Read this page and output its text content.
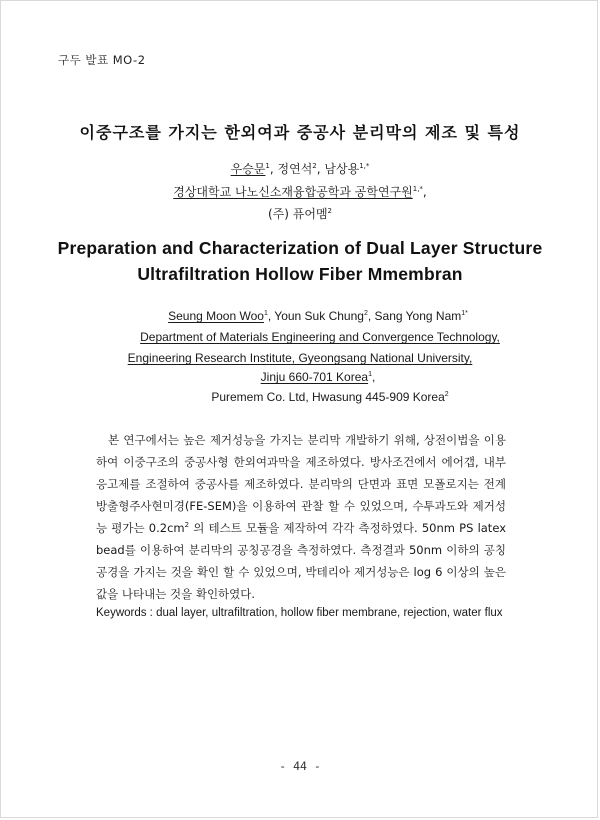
구두 발표 MO-2
이중구조를 가지는 한외여과 중공사 분리막의 제조 및 특성
우승문$^1$, 정연석$^2$, 남상용$^{1,*}$
경상대학교 나노신소재융합공학과 공학연구원$^{1,*}$,
(주) 퓨어멤$^2$
Preparation and Characterization of Dual Layer Structure
Ultrafiltration Hollow Fiber Mmembran
Seung Moon Woo$^1$, Youn Suk Chung$^2$, Sang Yong Nam$^{1*}$
Department of Materials Engineering and Convergence Technology,
Engineering Research Institute, Gyeongsang National University,
Jinju 660-701 Korea$^1$,
Puremem Co. Ltd, Hwasung 445-909 Korea$^2$
본 연구에서는 높은 제거성능을 가지는 분리막 개발하기 위해, 상전이법을 이용하여 이중구조의 중공사형 한외여과막을 제조하였다. 방사조건에서 에어갭, 내부응고제를 조절하여 중공사를 제조하였다. 분리막의 단면과 표면 모폴로지는 전계방출형주사현미경(FE-SEM)을 이용하여 관찰 할 수 있었으며, 수투과도와 제거성능 평가는 $0.2cm^2$ 의 테스트 모듈을 제작하여 각각 측정하였다. 50nm PS latex bead를 이용하여 분리막의 공칭공경을 측정하였다. 측정결과 50nm 이하의 공칭공경을 가지는 것을 확인 할 수 있었으며, 박테리아 제거성능은 log 6 이상의 높은 값을 나타내는 것을 확인하였다.
Keywords : dual layer, ultrafiltration, hollow fiber membrane, rejection, water flux
- 44 -
